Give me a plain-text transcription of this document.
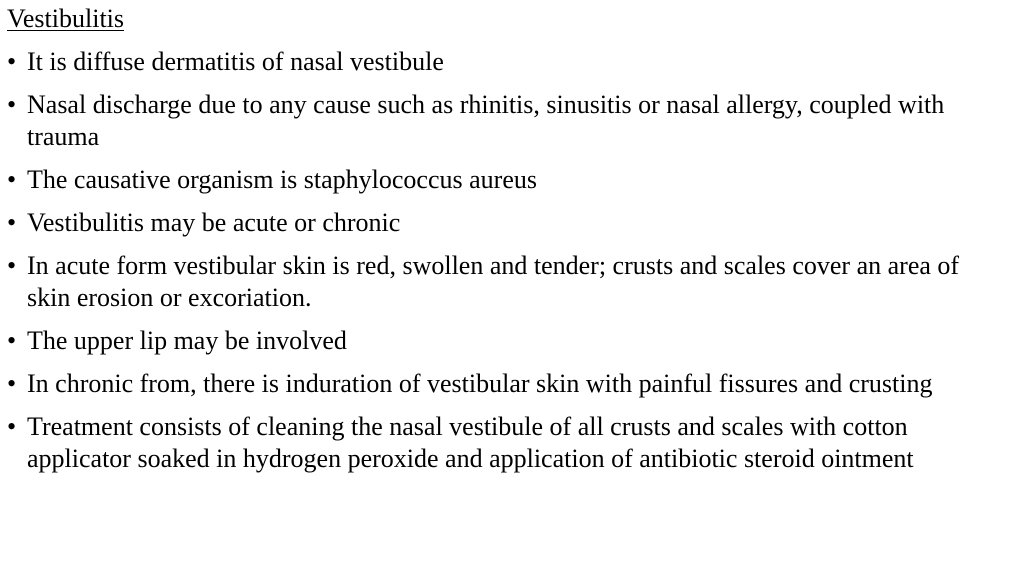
Vestibulitis
• It is diffuse dermatitis of nasal vestibule
• Nasal discharge due to any cause such as rhinitis, sinusitis or nasal allergy, coupled with trauma
• The causative organism is staphylococcus aureus
• Vestibulitis may be acute or chronic
• In acute form vestibular skin is red, swollen and tender; crusts and scales cover an area of skin erosion or excoriation.
• The upper lip may be involved
• In chronic from, there is induration of vestibular skin with painful fissures and crusting
• Treatment consists of cleaning the nasal vestibule of all crusts and scales with cotton applicator soaked in hydrogen peroxide and application of antibiotic steroid ointment
